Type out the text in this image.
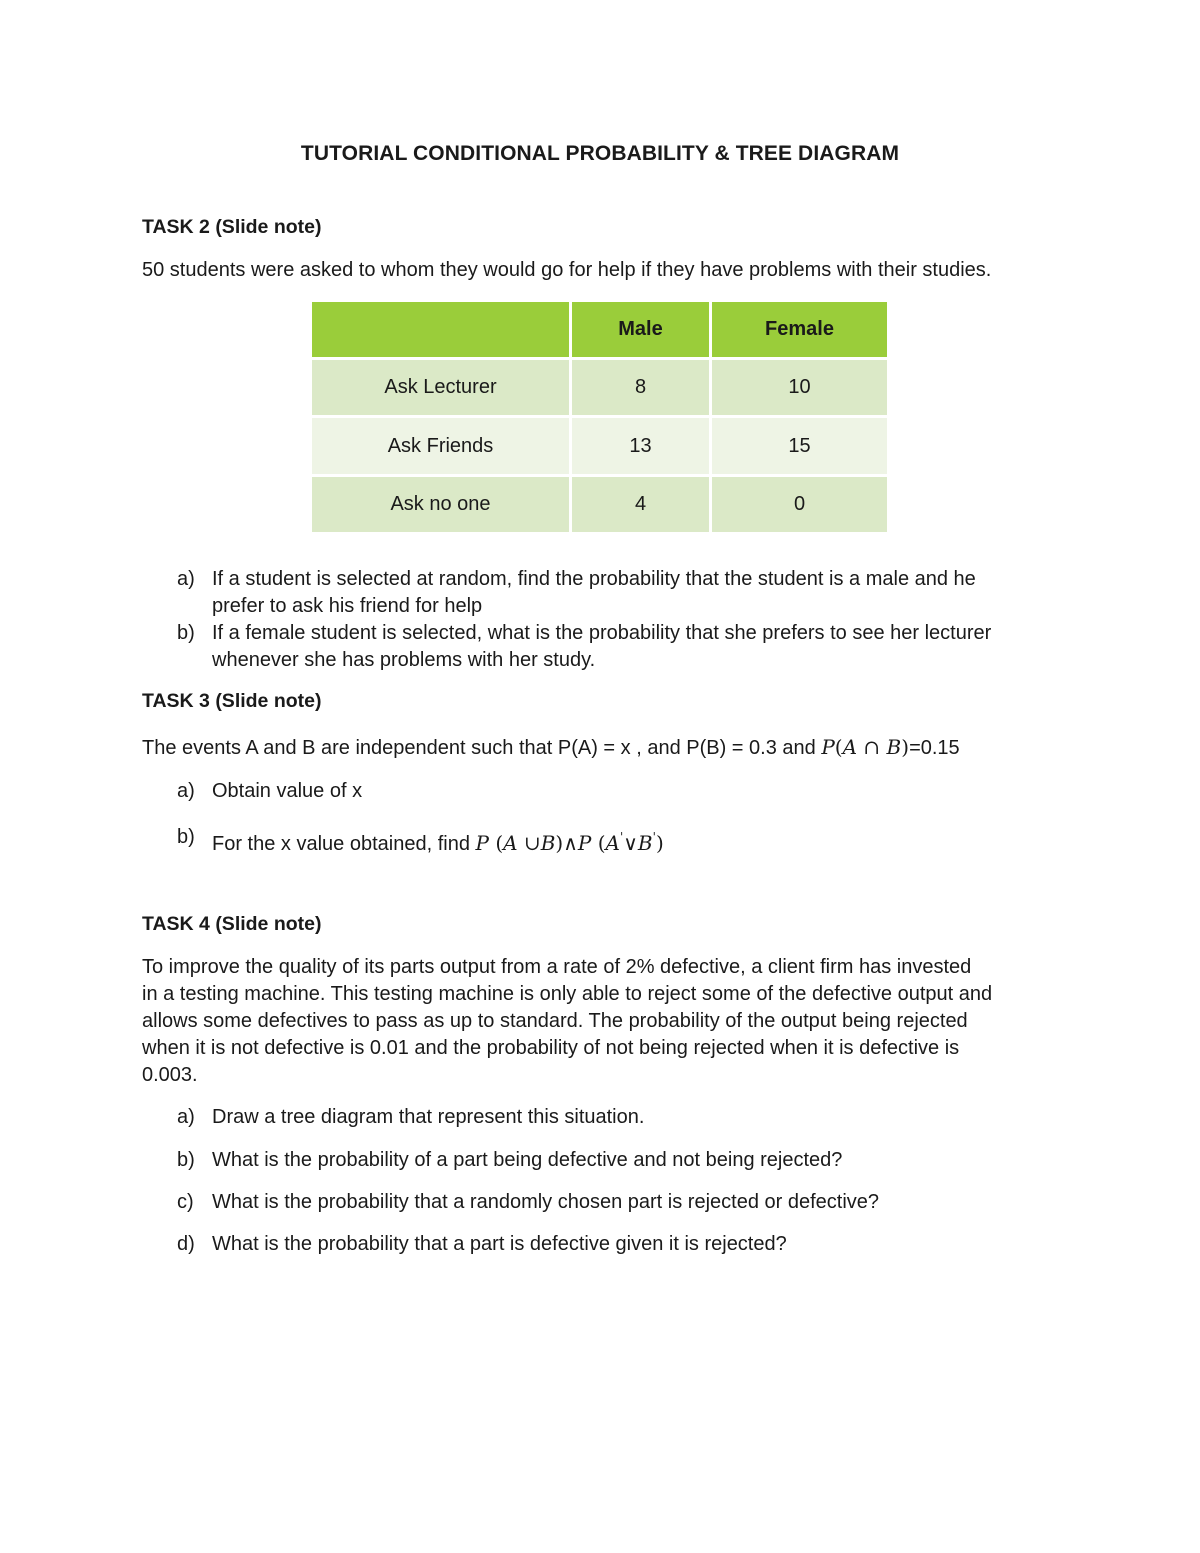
TUTORIAL CONDITIONAL PROBABILITY & TREE DIAGRAM
TASK 2 (Slide note)
50 students were asked to whom they would go for help if they have problems with their studies.
	Male	Female
Ask Lecturer	8	10
Ask Friends	13	15
Ask no one	4	0
a) If a student is selected at random, find the probability that the student is a male and he
prefer to ask his friend for help
b) If a female student is selected, what is the probability that she prefers to see her lecturer
whenever she has problems with her study.
TASK 3 (Slide note)
The events A and B are independent such that P(A) = x , and P(B) = 0.3 and P(A ∩ B)=0.15
a) Obtain value of x
b) For the x value obtained, find P (A ∪B)∧P (A'∨B')
TASK 4 (Slide note)
To improve the quality of its parts output from a rate of 2% defective, a client firm has invested
in a testing machine. This testing machine is only able to reject some of the defective output and
allows some defectives to pass as up to standard. The probability of the output being rejected
when it is not defective is 0.01 and the probability of not being rejected when it is defective is
0.003.
a) Draw a tree diagram that represent this situation.
b) What is the probability of a part being defective and not being rejected?
c) What is the probability that a randomly chosen part is rejected or defective?
d) What is the probability that a part is defective given it is rejected?
